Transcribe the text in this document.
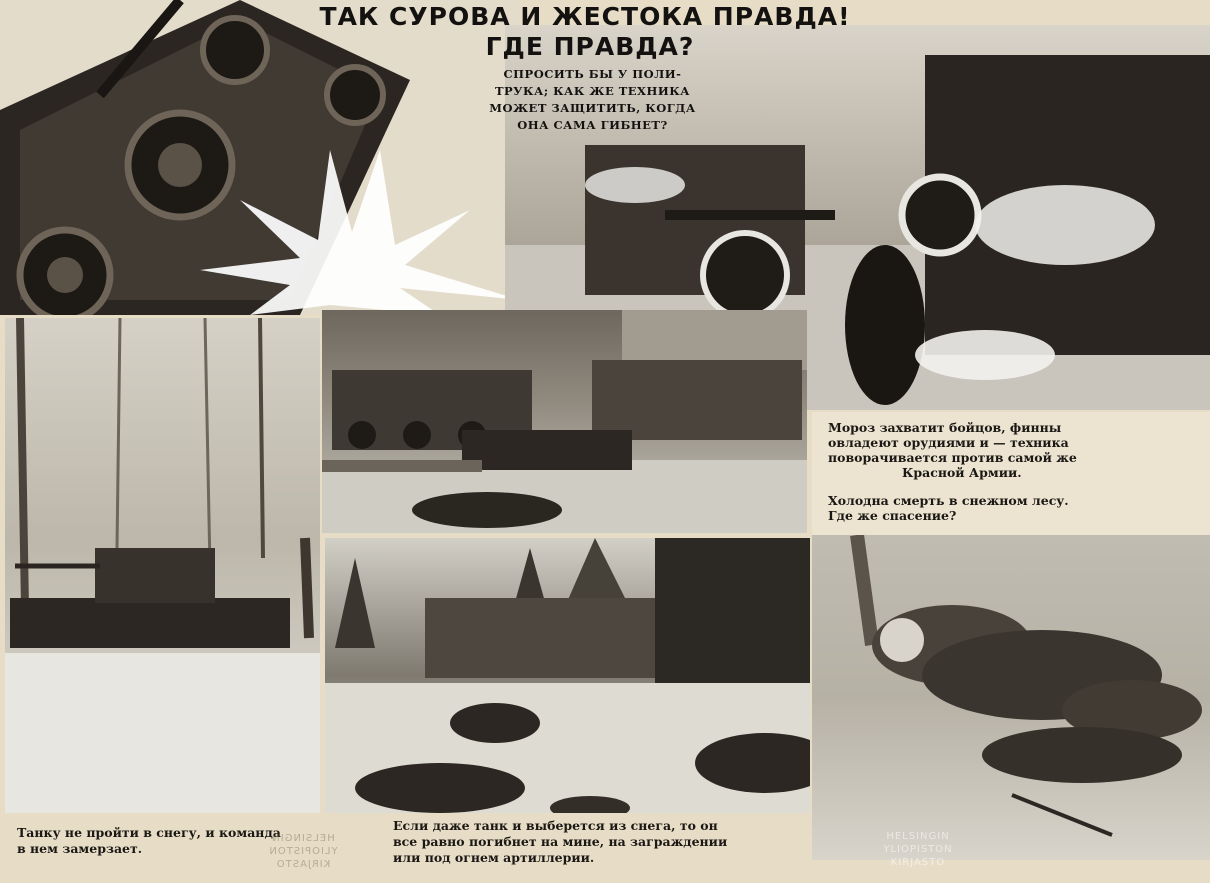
ТАК СУРОВА И ЖЕСТОКА ПРАВДА!
ГДЕ ПРАВДА?

СПРОСИТЬ БЫ У ПОЛИ-

ТРУКА; КАК ЖЕ ТЕХНИКА

МОЖЕТ ЗАЩИТИТЬ, КОГДА

ОНА САМА ГИБНЕТ?

Мороз захватит бойцов, финны

овладеют орудиями и — техника

поворачивается против самой же

Красной Армии.

Холодна смерть в снежном лесу.

Где же спасение?

Танку не пройти в снегу, и команда

в нем замерзает.

Если даже танк и выберется из снега, то он

все равно погибнет на мине, на заграждении

или под огнем артиллерии.

HELSINGIN
YLIOPISTON
KIRJASTO
HELSINGIN
YLIOPISTON
KIRJASTO
